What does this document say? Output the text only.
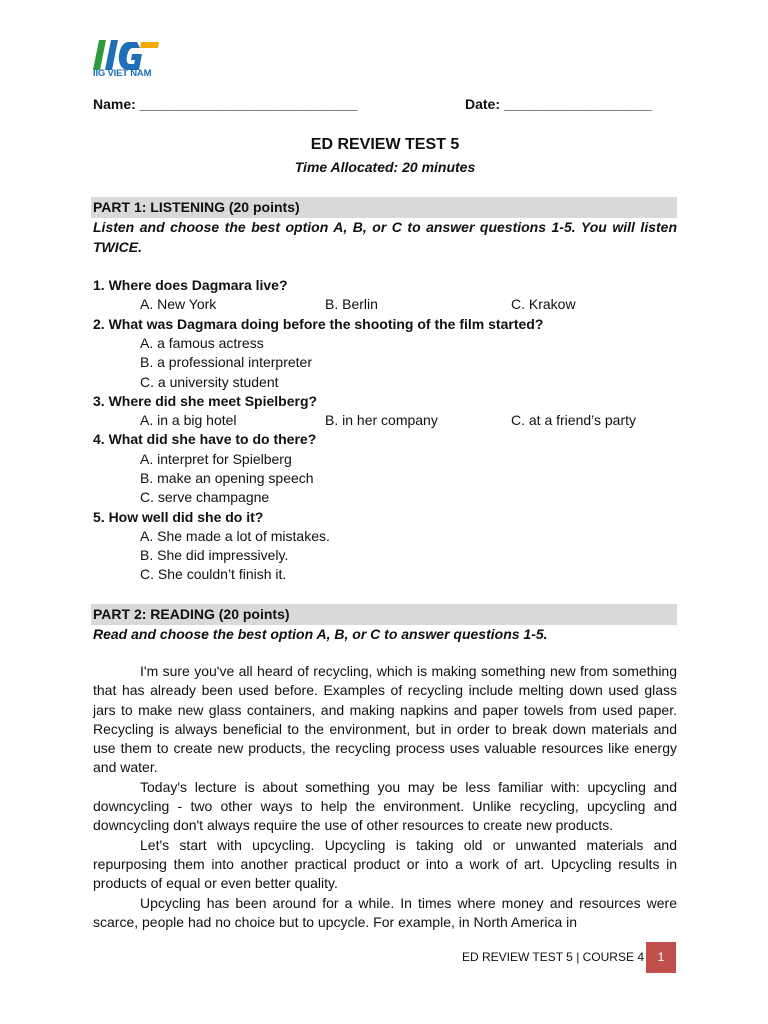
IIG VIET NAM
Name: ____________________________	Date: ___________________
ED REVIEW TEST 5
Time Allocated: 20 minutes
PART 1: LISTENING (20 points)
Listen and choose the best option A, B, or C to answer questions 1-5. You will listen TWICE.
1. Where does Dagmara live?
A. New York	B. Berlin	C. Krakow
2. What was Dagmara doing before the shooting of the film started?
A. a famous actress
B. a professional interpreter
C. a university student
3. Where did she meet Spielberg?
A. in a big hotel	B. in her company	C. at a friend’s party
4. What did she have to do there?
A. interpret for Spielberg
B. make an opening speech
C. serve champagne
5. How well did she do it?
A. She made a lot of mistakes.
B. She did impressively.
C. She couldn’t finish it.
PART 2: READING (20 points)
Read and choose the best option A, B, or C to answer questions 1-5.

I'm sure you've all heard of recycling, which is making something new from something that has already been used before. Examples of recycling include melting down used glass jars to make new glass containers, and making napkins and paper towels from used paper. Recycling is always beneficial to the environment, but in order to break down materials and use them to create new products, the recycling process uses valuable resources like energy and water.

Today's lecture is about something you may be less familiar with: upcycling and downcycling - two other ways to help the environment. Unlike recycling, upcycling and downcycling don't always require the use of other resources to create new products.

Let's start with upcycling. Upcycling is taking old or unwanted materials and repurposing them into another practical product or into a work of art. Upcycling results in products of equal or even better quality.

Upcycling has been around for a while. In times where money and resources were scarce, people had no choice but to upcycle. For example, in North America in

ED REVIEW TEST 5 | COURSE 4	1
